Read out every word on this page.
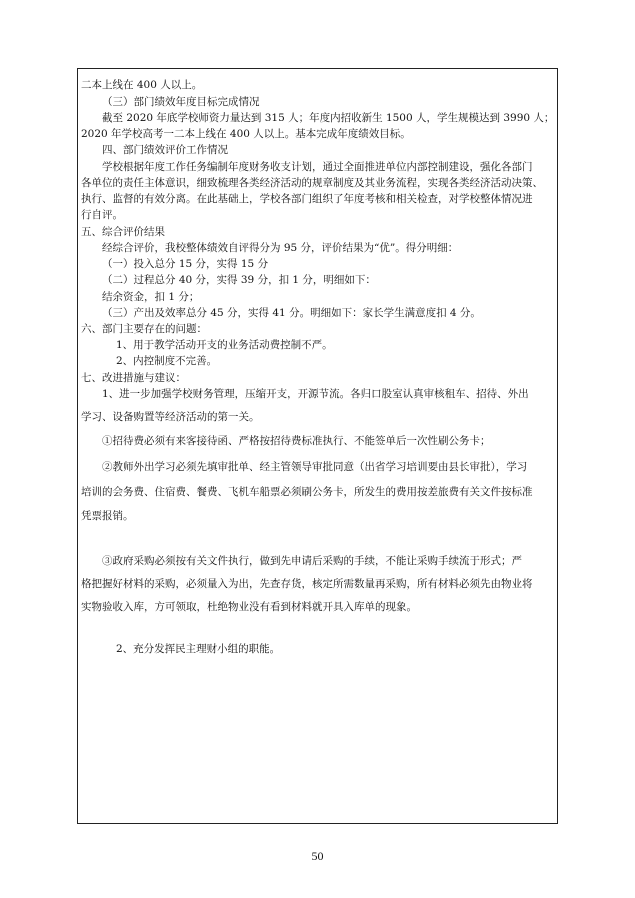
二本上线在 400 人以上。
（三）部门绩效年度目标完成情况
截至 2020 年底学校师资力量达到 315 人；年度内招收新生 1500 人，学生规模达到 3990 人；
2020 年学校高考一二本上线在 400 人以上。基本完成年度绩效目标。
四、部门绩效评价工作情况
学校根据年度工作任务编制年度财务收支计划，通过全面推进单位内部控制建设，强化各部门
各单位的责任主体意识，细致梳理各类经济活动的规章制度及其业务流程，实现各类经济活动决策、
执行、监督的有效分离。在此基础上，学校各部门组织了年度考核和相关检查，对学校整体情况进
行自评。
五、综合评价结果
经综合评价，我校整体绩效自评得分为 95 分，评价结果为“优”。得分明细：
（一）投入总分 15 分，实得 15 分
（二）过程总分 40 分，实得 39 分，扣 1 分，明细如下：
结余资金，扣 1 分；
（三）产出及效率总分 45 分，实得 41 分。明细如下：家长学生满意度扣 4 分。
六、部门主要存在的问题：
1、用于教学活动开支的业务活动费控制不严。
2、内控制度不完善。
七、改进措施与建议：
1、进一步加强学校财务管理，压缩开支，开源节流。各归口股室认真审核租车、招待、外出
学习、设备购置等经济活动的第一关。
①招待费必须有来客接待函、严格按招待费标准执行、不能签单后一次性刷公务卡；
②教师外出学习必须先填审批单、经主管领导审批同意（出省学习培训要由县长审批），学习
培训的会务费、住宿费、餐费、飞机车船票必须刷公务卡，所发生的费用按差旅费有关文件按标准
凭票报销。
③政府采购必须按有关文件执行，做到先申请后采购的手续，不能让采购手续流于形式；严
格把握好材料的采购，必须量入为出，先查存货，核定所需数量再采购，所有材料必须先由物业将
实物验收入库，方可领取，杜绝物业没有看到材料就开具入库单的现象。
2、充分发挥民主理财小组的职能。
50
